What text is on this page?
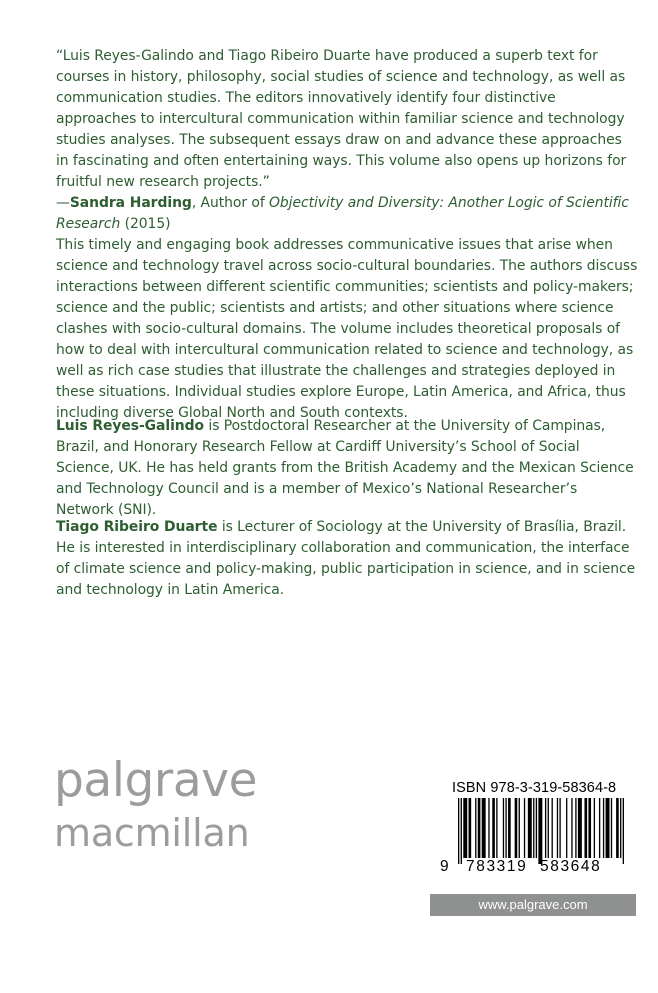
“Luis Reyes-Galindo and Tiago Ribeiro Duarte have produced a superb text for courses in history, philosophy, social studies of science and technology, as well as communication studies. The editors innovatively identify four distinctive approaches to intercultural communication within familiar science and technology studies analyses. The subsequent essays draw on and advance these approaches in fascinating and often entertaining ways. This volume also opens up horizons for fruitful new research projects.”

—Sandra Harding, Author of Objectivity and Diversity: Another Logic of Scientific Research (2015)

This timely and engaging book addresses communicative issues that arise when science and technology travel across socio-cultural boundaries. The authors discuss interactions between different scientific communities; scientists and policy-makers; science and the public; scientists and artists; and other situations where science clashes with socio-cultural domains. The volume includes theoretical proposals of how to deal with intercultural communication related to science and technology, as well as rich case studies that illustrate the challenges and strategies deployed in these situations. Individual studies explore Europe, Latin America, and Africa, thus including diverse Global North and South contexts.

Luis Reyes-Galindo is Postdoctoral Researcher at the University of Campinas, Brazil, and Honorary Research Fellow at Cardiff University’s School of Social Science, UK. He has held grants from the British Academy and the Mexican Science and Technology Council and is a member of Mexico’s National Researcher’s Network (SNI).

Tiago Ribeiro Duarte is Lecturer of Sociology at the University of Brasília, Brazil. He is interested in interdisciplinary collaboration and communication, the interface of climate science and policy-making, public participation in science, and in science and technology in Latin America.

palgrave
macmillan
ISBN 978-3-319-58364-8
9 783319 583648
www.palgrave.com
